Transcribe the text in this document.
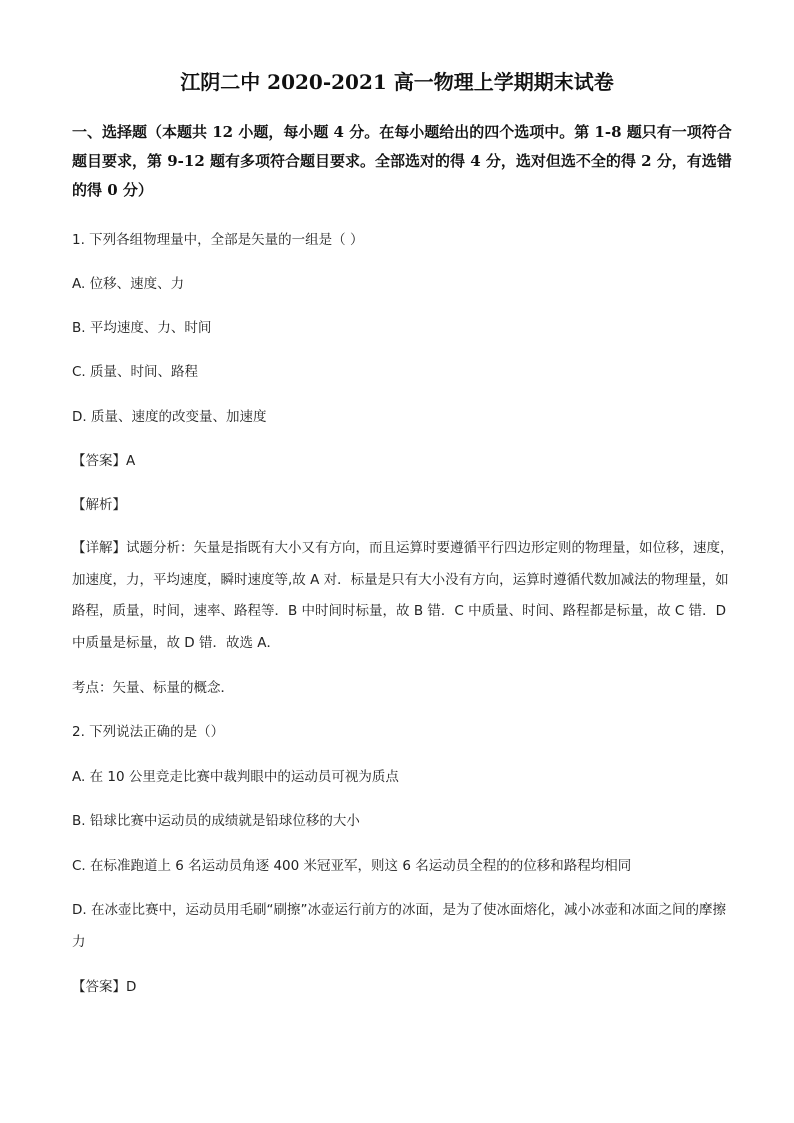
江阴二中 2020-2021 高一物理上学期期末试卷
一、选择题（本题共 12 小题，每小题 4 分。在每小题给出的四个选项中。第 1-8 题只有一项符合题目要求，第 9-12 题有多项符合题目要求。全部选对的得 4 分，选对但选不全的得 2 分，有选错的得 0 分）
1. 下列各组物理量中，全部是矢量的一组是（ ）
A. 位移、速度、力
B. 平均速度、力、时间
C. 质量、时间、路程
D. 质量、速度的改变量、加速度
【答案】A
【解析】
【详解】试题分析：矢量是指既有大小又有方向，而且运算时要遵循平行四边形定则的物理量，如位移，速度，加速度，力，平均速度，瞬时速度等,故 A 对．标量是只有大小没有方向，运算时遵循代数加减法的物理量，如路程，质量，时间，速率、路程等．B 中时间时标量，故 B 错．C 中质量、时间、路程都是标量，故 C 错．D 中质量是标量，故 D 错．故选 A．
考点：矢量、标量的概念．
2. 下列说法正确的是（）
A. 在 10 公里竞走比赛中裁判眼中的运动员可视为质点
B. 铅球比赛中运动员的成绩就是铅球位移的大小
C. 在标准跑道上 6 名运动员角逐 400 米冠亚军，则这 6 名运动员全程的的位移和路程均相同
D. 在冰壶比赛中，运动员用毛刷“刷擦”冰壶运行前方的冰面，是为了使冰面熔化，减小冰壶和冰面之间的摩擦力
【答案】D
